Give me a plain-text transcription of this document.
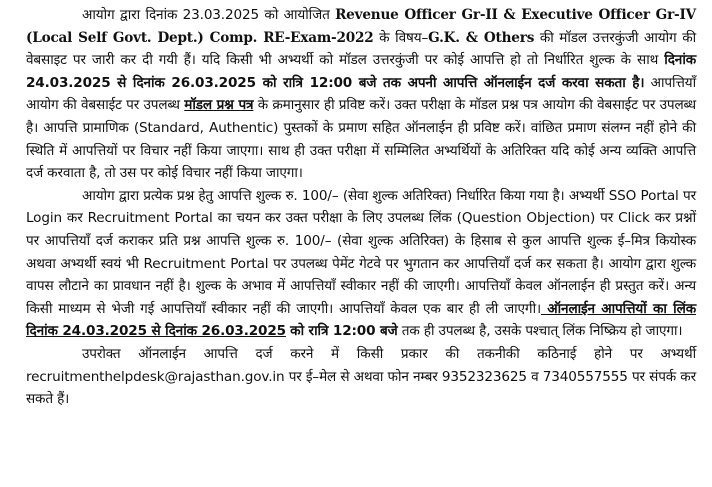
आयोग द्वारा दिनांक 23.03.2025 को आयोजित Revenue Officer Gr-II & Executive Officer Gr-IV (Local Self Govt. Dept.) Comp. RE-Exam-2022 के विषय–G.K. & Others की मॉडल उत्तरकुंजी आयोग की वेबसाइट पर जारी कर दी गयी हैं। यदि किसी भी अभ्यर्थी को मॉडल उत्तरकुंजी पर कोई आपत्ति हो तो निर्धारित शुल्क के साथ दिनांक 24.03.2025 से दिनांक 26.03.2025 को रात्रि 12:00 बजे तक अपनी आपत्ति ऑनलाईन दर्ज करवा सकता है। आपत्तियाँ आयोग की वेबसाईट पर उपलब्ध मॉडल प्रश्न पत्र के क्रमानुसार ही प्रविष्ट करें। उक्त परीक्षा के मॉडल प्रश्न पत्र आयोग की वेबसाईट पर उपलब्ध है। आपत्ति प्रामाणिक (Standard, Authentic) पुस्तकों के प्रमाण सहित ऑनलाईन ही प्रविष्ट करें। वांछित प्रमाण संलग्न नहीं होने की स्थिति में आपत्तियों पर विचार नहीं किया जाएगा। साथ ही उक्त परीक्षा में सम्मिलित अभ्यर्थियों के अतिरिक्त यदि कोई अन्य व्यक्ति आपत्ति दर्ज करवाता है, तो उस पर कोई विचार नहीं किया जाएगा।

आयोग द्वारा प्रत्येक प्रश्न हेतु आपत्ति शुल्क रु. 100/– (सेवा शुल्क अतिरिक्त) निर्धारित किया गया है। अभ्यर्थी SSO Portal पर Login कर Recruitment Portal का चयन कर उक्त परीक्षा के लिए उपलब्ध लिंक (Question Objection) पर Click कर प्रश्नों पर आपत्तियाँ दर्ज कराकर प्रति प्रश्न आपत्ति शुल्क रु. 100/– (सेवा शुल्क अतिरिक्त) के हिसाब से कुल आपत्ति शुल्क ई–मित्र कियोस्क अथवा अभ्यर्थी स्वयं भी Recruitment Portal पर उपलब्ध पेमेंट गेटवे पर भुगतान कर आपत्तियाँ दर्ज कर सकता है। आयोग द्वारा शुल्क वापस लौटाने का प्रावधान नहीं है। शुल्क के अभाव में आपत्तियाँ स्वीकार नहीं की जाएगी। आपत्तियाँ केवल ऑनलाईन ही प्रस्तुत करें। अन्य किसी माध्यम से भेजी गई आपत्तियाँ स्वीकार नहीं की जाएगी। आपत्तियाँ केवल एक बार ही ली जाएगी। ऑनलाईन आपत्तियों का लिंक दिनांक 24.03.2025 से दिनांक 26.03.2025 को रात्रि 12:00 बजे तक ही उपलब्ध है, उसके पश्चात् लिंक निष्क्रिय हो जाएगा।

उपरोक्त ऑनलाईन आपत्ति दर्ज करने में किसी प्रकार की तकनीकी कठिनाई होने पर अभ्यर्थी recruitmenthelpdesk@rajasthan.gov.in पर ई–मेल से अथवा फोन नम्बर 9352323625 व 7340557555 पर संपर्क कर सकते हैं।
